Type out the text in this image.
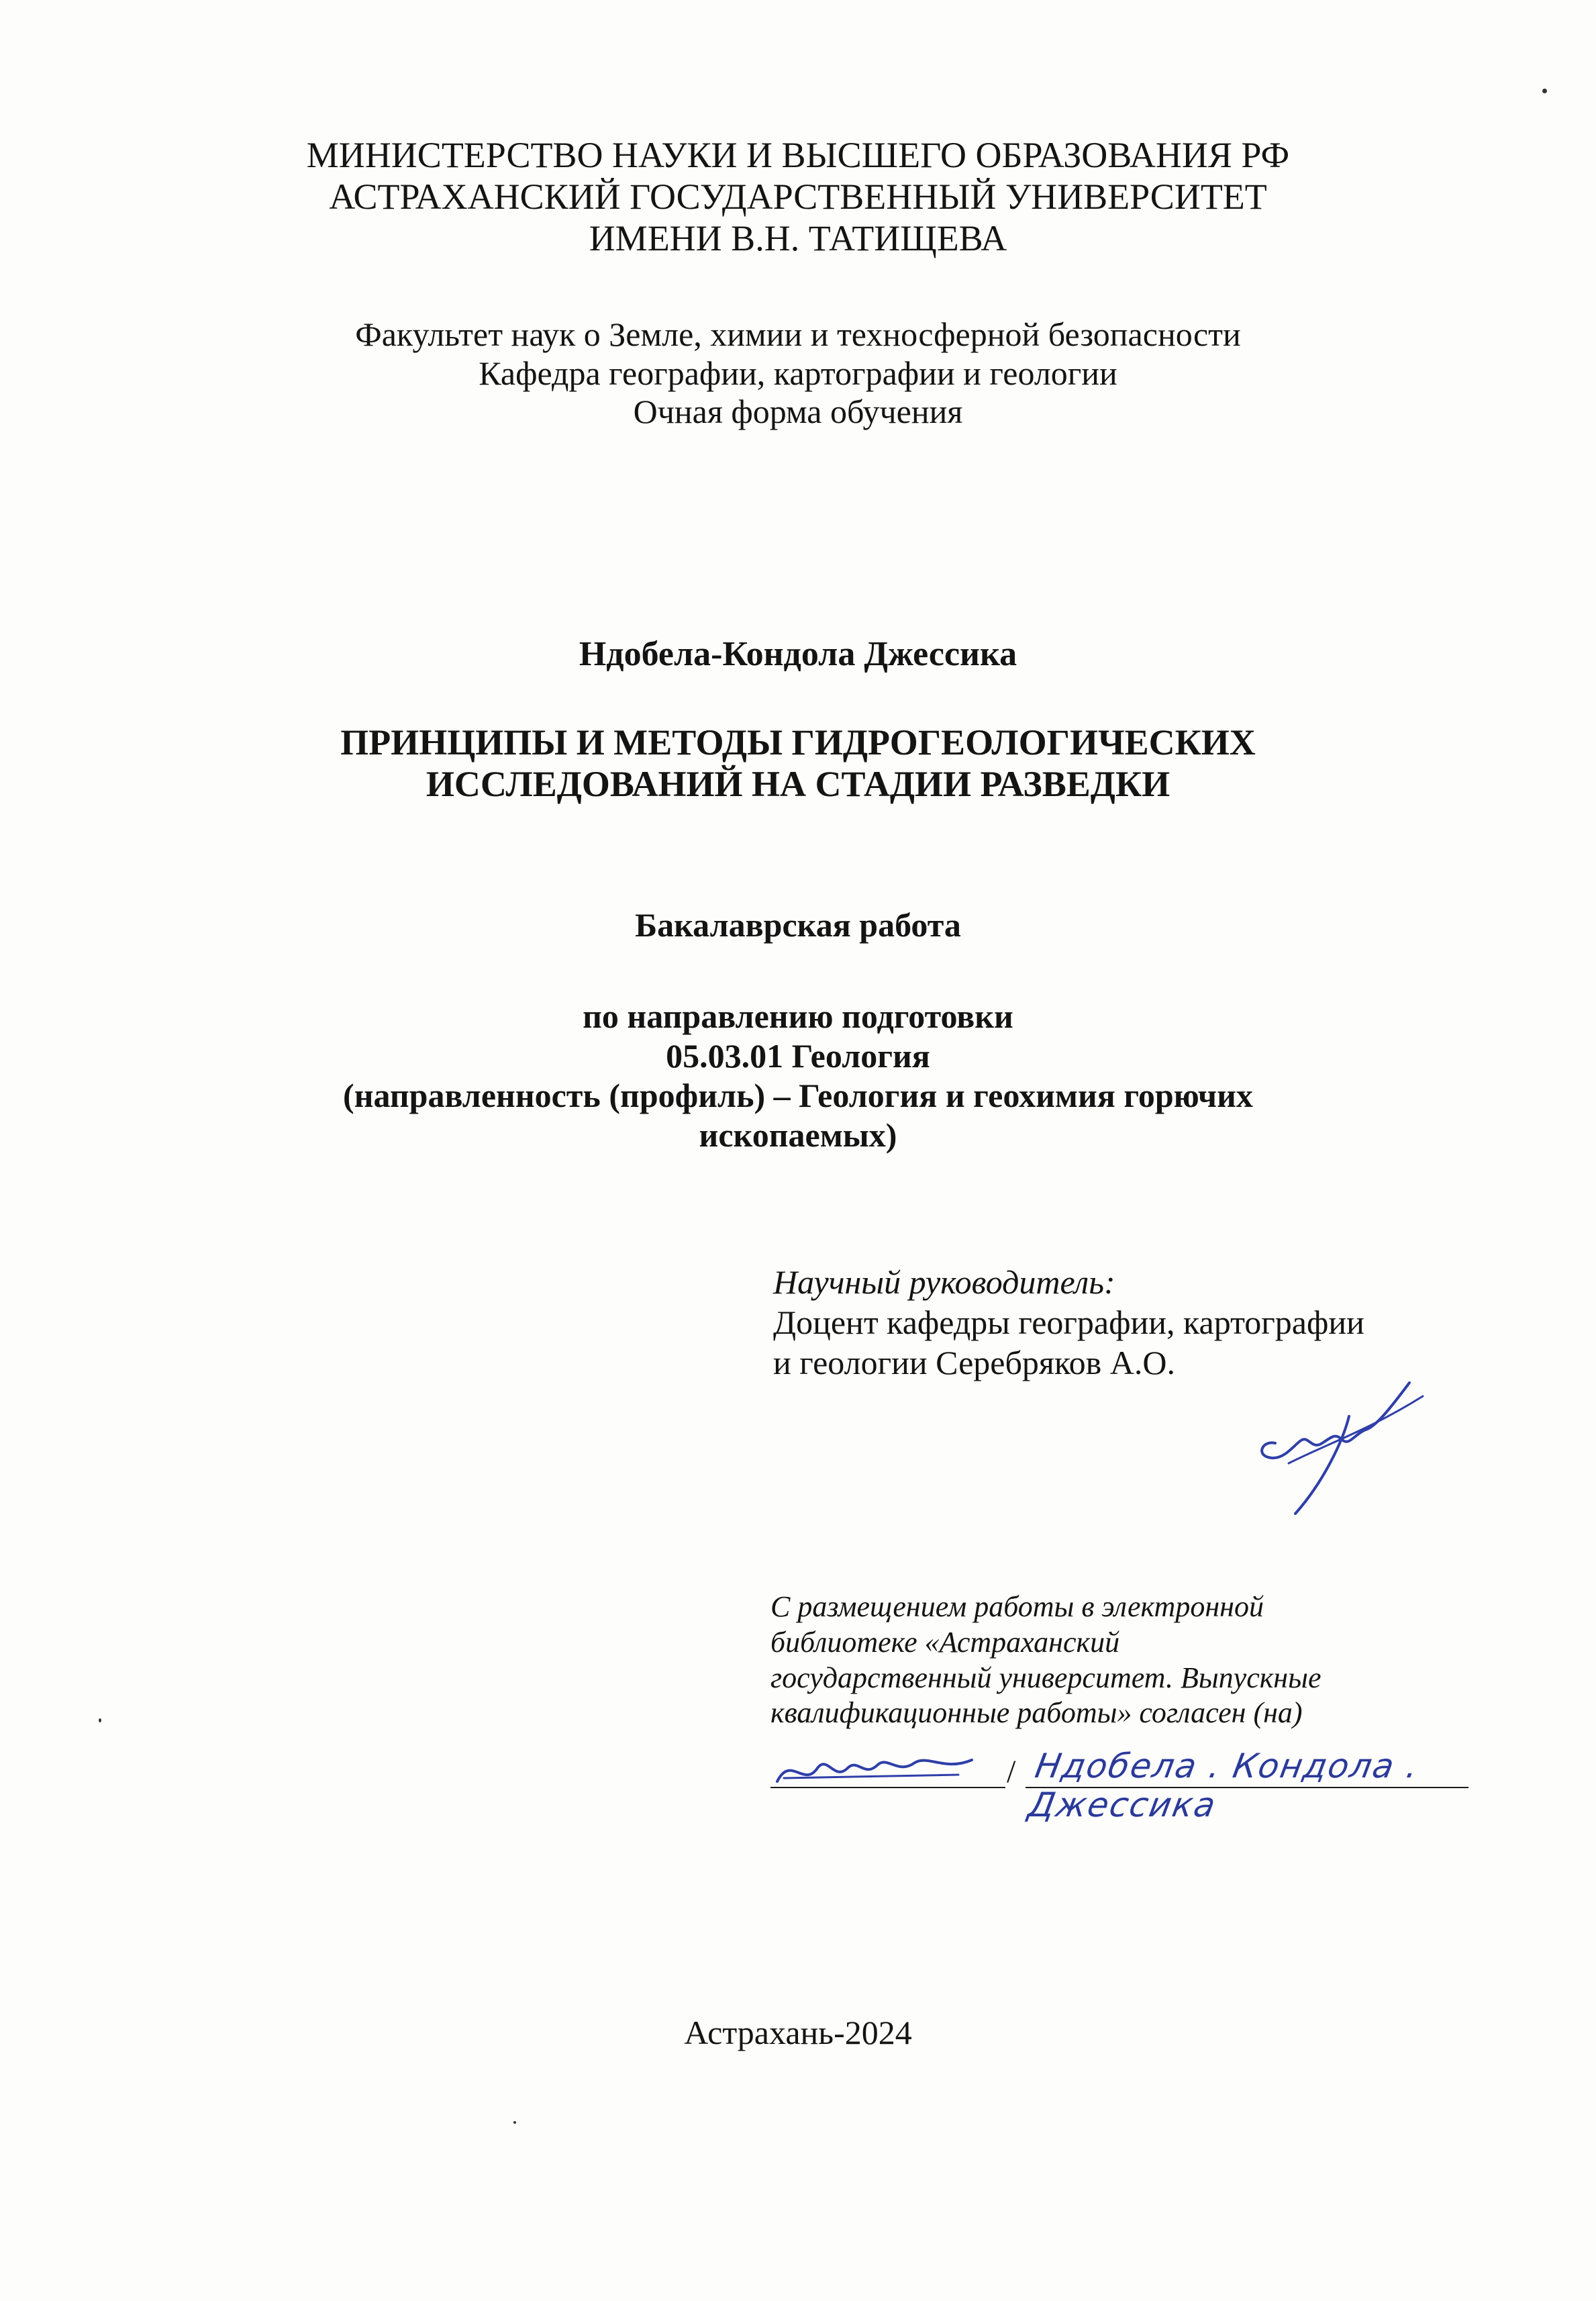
МИНИСТЕРСТВО НАУКИ И ВЫСШЕГО ОБРАЗОВАНИЯ РФ
АСТРАХАНСКИЙ ГОСУДАРСТВЕННЫЙ УНИВЕРСИТЕТ
ИМЕНИ В.Н. ТАТИЩЕВА
Факультет наук о Земле, химии и техносферной безопасности
Кафедра географии, картографии и геологии
Очная форма обучения
Ндобела-Кондола Джессика
ПРИНЦИПЫ И МЕТОДЫ ГИДРОГЕОЛОГИЧЕСКИХ
ИССЛЕДОВАНИЙ НА СТАДИИ РАЗВЕДКИ
Бакалаврская работа
по направлению подготовки
05.03.01 Геология
(направленность (профиль) – Геология и геохимия горючих
ископаемых)
Научный руководитель:
Доцент кафедры географии, картографии
и геологии Серебряков А.О.
С размещением работы в электронной
библиотеке «Астраханский
государственный университет. Выпускные
квалификационные работы» согласен (на)
/ Ндобела . Кондола . Джессика
Астрахань-2024
